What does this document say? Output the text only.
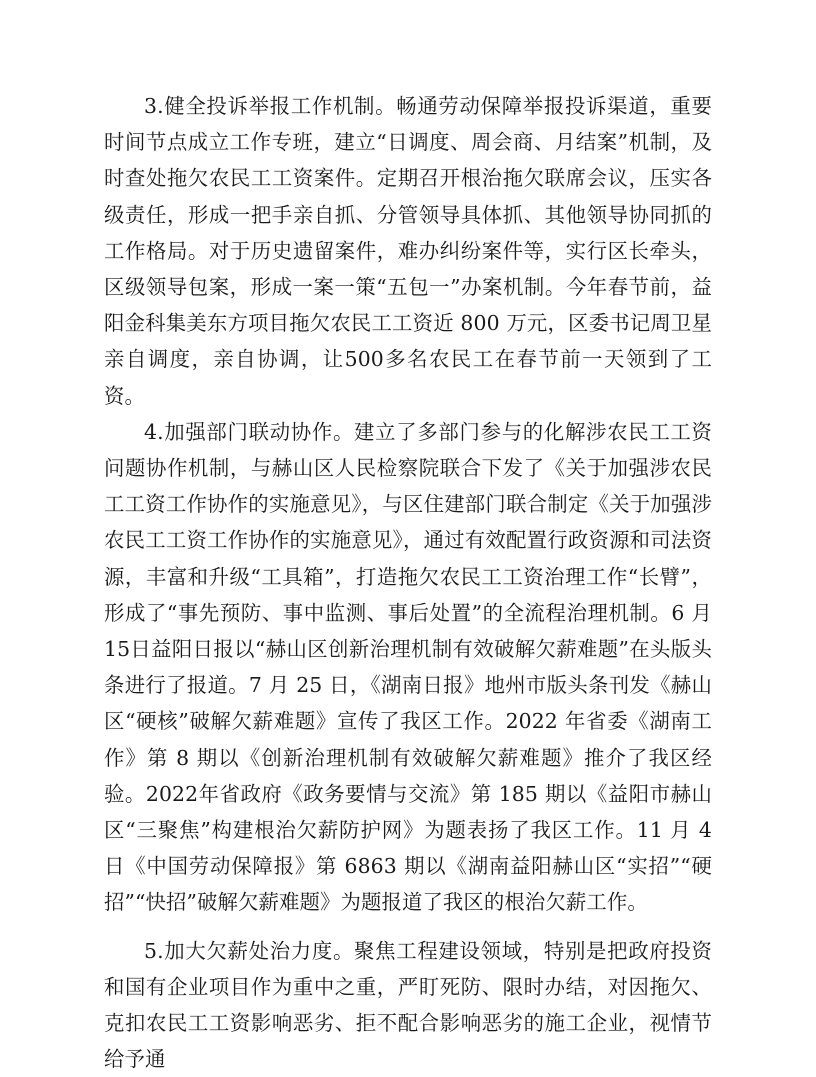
3.健全投诉举报工作机制。畅通劳动保障举报投诉渠道，重要时间节点成立工作专班，建立“日调度、周会商、月结案”机制，及时查处拖欠农民工工资案件。定期召开根治拖欠联席会议，压实各级责任，形成一把手亲自抓、分管领导具体抓、其他领导协同抓的工作格局。对于历史遗留案件，难办纠纷案件等，实行区长牵头，区级领导包案，形成一案一策“五包一”办案机制。今年春节前，益阳金科集美东方项目拖欠农民工工资近 800 万元，区委书记周卫星亲自调度，亲自协调，让500多名农民工在春节前一天领到了工资。

4.加强部门联动协作。建立了多部门参与的化解涉农民工工资问题协作机制，与赫山区人民检察院联合下发了《关于加强涉农民工工资工作协作的实施意见》，与区住建部门联合制定《关于加强涉农民工工资工作协作的实施意见》，通过有效配置行政资源和司法资源，丰富和升级“工具箱”，打造拖欠农民工工资治理工作“长臂”，形成了“事先预防、事中监测、事后处置”的全流程治理机制。6 月 15日益阳日报以“赫山区创新治理机制有效破解欠薪难题”在头版头条进行了报道。7 月 25 日，《湖南日报》地州市版头条刊发《赫山区“硬核”破解欠薪难题》宣传了我区工作。2022 年省委《湖南工作》第 8 期以《创新治理机制有效破解欠薪难题》推介了我区经验。2022年省政府《政务要情与交流》第 185 期以《益阳市赫山区“三聚焦”构建根治欠薪防护网》为题表扬了我区工作。11 月 4 日《中国劳动保障报》第 6863 期以《湖南益阳赫山区“实招”“硬招”“快招”破解欠薪难题》为题报道了我区的根治欠薪工作。

5.加大欠薪处治力度。聚焦工程建设领域，特别是把政府投资和国有企业项目作为重中之重，严盯死防、限时办结，对因拖欠、克扣农民工工资影响恶劣、拒不配合影响恶劣的施工企业，视情节给予通
